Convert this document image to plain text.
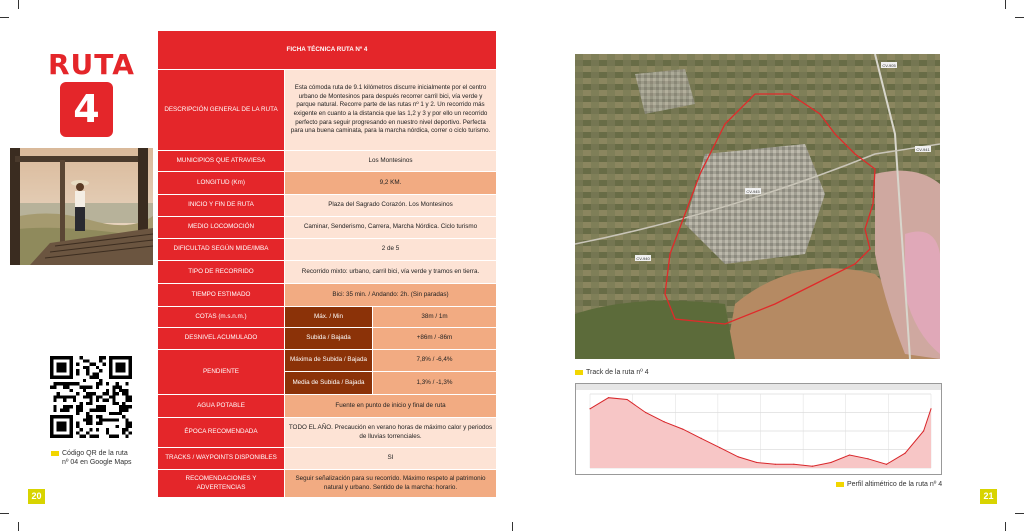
RUTA
4
Código QR de la ruta
nº 04 en Google Maps
20
FICHA TÉCNICA RUTA Nº 4		
DESCRIPCIÓN GENERAL DE LA RUTA	Esta cómoda ruta de 9.1 kilómetros discurre inicialmente por el centro urbano de Montesinos para después recorrer carril bici, vía verde y parque natural. Recorre parte de las rutas nº 1 y 2. Un recorrido más exigente en cuanto a la distancia que las 1,2 y 3 y por ello un recorrido perfecto para seguir progresando en nuestro nivel deportivo. Perfecta para una buena caminata, para la marcha nórdica, correr o ciclo turismo.	
MUNICIPIOS QUE ATRAVIESA	Los Montesinos	
LONGITUD (Km)	9,2 KM.	
INICIO Y FIN DE RUTA	Plaza del Sagrado Corazón. Los Montesinos	
MEDIO LOCOMOCIÓN	Caminar, Senderismo, Carrera, Marcha Nórdica. Ciclo turismo	
DIFICULTAD SEGÚN MIDE/IMBA	2 de 5	
TIPO DE RECORRIDO	Recorrido mixto: urbano, carril bici, vía verde y tramos en tierra.	
TIEMPO ESTIMADO	Bici: 35 min. / Andando: 2h. (Sin paradas)	
COTAS (m.s.n.m.)	Máx. / Min	38m / 1m
DESNIVEL ACUMULADO	Subida / Bajada	+86m / -86m
PENDIENTE	Máxima de Subida / Bajada	7,8% / -6,4%
	Media de Subida / Bajada	1,3% / -1,3%
AGUA POTABLE	Fuente en punto de inicio y final de ruta	
ÉPOCA RECOMENDADA	TODO EL AÑO. Precaución en verano horas de máximo calor y periodos de lluvias torrenciales.	
TRACKS / WAYPOINTS DISPONIBLES	SI	
RECOMENDACIONES Y ADVERTENCIAS	Seguir señalización para su recorrido. Máximo respeto al patrimonio natural y urbano. Sentido de la marcha: horario.	
CV-905
CV-941
CV-945
CV-940
Track de la ruta nº 4
Perfil altimétrico de la ruta nº 4
21
